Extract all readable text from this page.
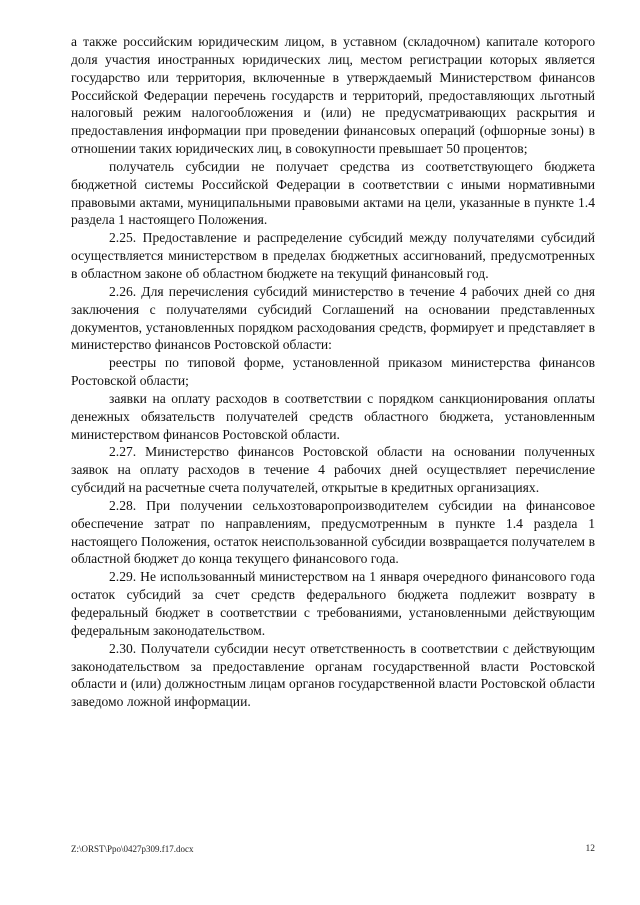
а также российским юридическим лицом, в уставном (складочном) капитале которого доля участия иностранных юридических лиц, местом регистрации которых является государство или территория, включенные в утверждаемый Министерством финансов Российской Федерации перечень государств и территорий, предоставляющих льготный налоговый режим налогообложения и (или) не предусматривающих раскрытия и предоставления информации при проведении финансовых операций (офшорные зоны) в отношении таких юридических лиц, в совокупности превышает 50 процентов;

получатель субсидии не получает средства из соответствующего бюджета бюджетной системы Российской Федерации в соответствии с иными нормативными правовыми актами, муниципальными правовыми актами на цели, указанные в пункте 1.4 раздела 1 настоящего Положения.

2.25. Предоставление и распределение субсидий между получателями субсидий осуществляется министерством в пределах бюджетных ассигнований, предусмотренных в областном законе об областном бюджете на текущий финансовый год.

2.26. Для перечисления субсидий министерство в течение 4 рабочих дней со дня заключения с получателями субсидий Соглашений на основании представленных документов, установленных порядком расходования средств, формирует и представляет в министерство финансов Ростовской области:

реестры по типовой форме, установленной приказом министерства финансов Ростовской области;

заявки на оплату расходов в соответствии с порядком санкционирования оплаты денежных обязательств получателей средств областного бюджета, установленным министерством финансов Ростовской области.

2.27. Министерство финансов Ростовской области на основании полученных заявок на оплату расходов в течение 4 рабочих дней осуществляет перечисление субсидий на расчетные счета получателей, открытые в кредитных организациях.

2.28. При получении сельхозтоваропроизводителем субсидии на финансовое обеспечение затрат по направлениям, предусмотренным в пункте 1.4 раздела 1 настоящего Положения, остаток неиспользованной субсидии возвращается получателем в областной бюджет до конца текущего финансового года.

2.29. Не использованный министерством на 1 января очередного финансового года остаток субсидий за счет средств федерального бюджета подлежит возврату в федеральный бюджет в соответствии с требованиями, установленными действующим федеральным законодательством.

2.30. Получатели субсидии несут ответственность в соответствии с действующим законодательством за предоставление органам государственной власти Ростовской области и (или) должностным лицам органов государственной власти Ростовской области заведомо ложной информации.

Z:\ORST\Ppo\0427p309.f17.docx	12
